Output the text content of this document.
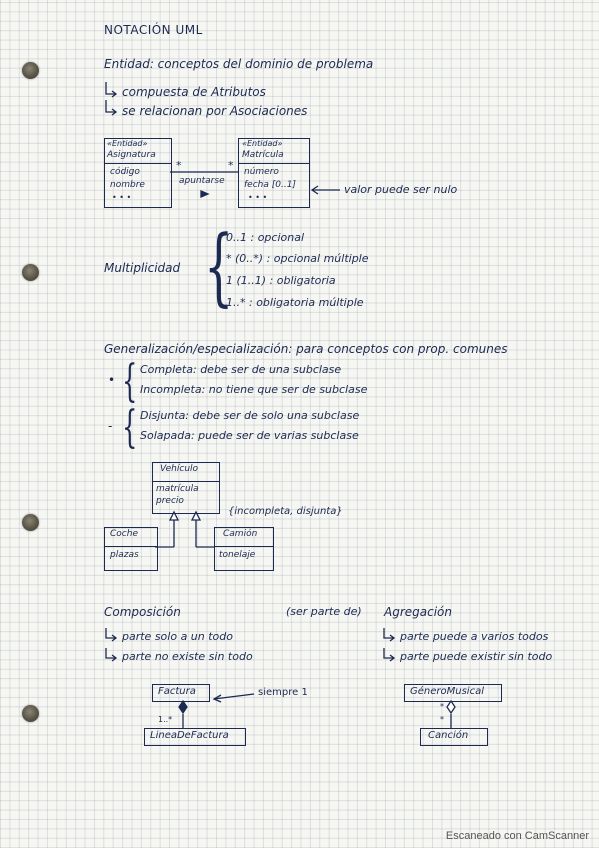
NOTACIÓN UML
Entidad: conceptos del dominio de problema
compuesta de Atributos
se relacionan por Asociaciones
«Entidad»
Asignatura
código
nombre
• • •
«Entidad»
Matrícula
número
fecha [0..1]
• • •
*	*
apuntarse
valor puede ser nulo
Multiplicidad {
0..1 : opcional
* (0..*) : opcional múltiple
1 (1..1) : obligatoria
1..* : obligatoria múltiple
Generalización/especialización: para conceptos con prop. comunes
• { Completa: debe ser de una subclase
Incompleta: no tiene que ser de subclase
- { Disjunta: debe ser de solo una subclase
Solapada: puede ser de varias subclase
Vehículo
matrícula
precio
{incompleta, disjunta}
Coche
plazas
Camión
tonelaje
Composición	(ser parte de) Agregación
parte solo a un todo
parte no existe sin todo
parte puede a varios todos
parte puede existir sin todo
Factura	siempre 1
1..*
LineaDeFactura
GéneroMusical
*
*
Canción
Escaneado con CamScanner
